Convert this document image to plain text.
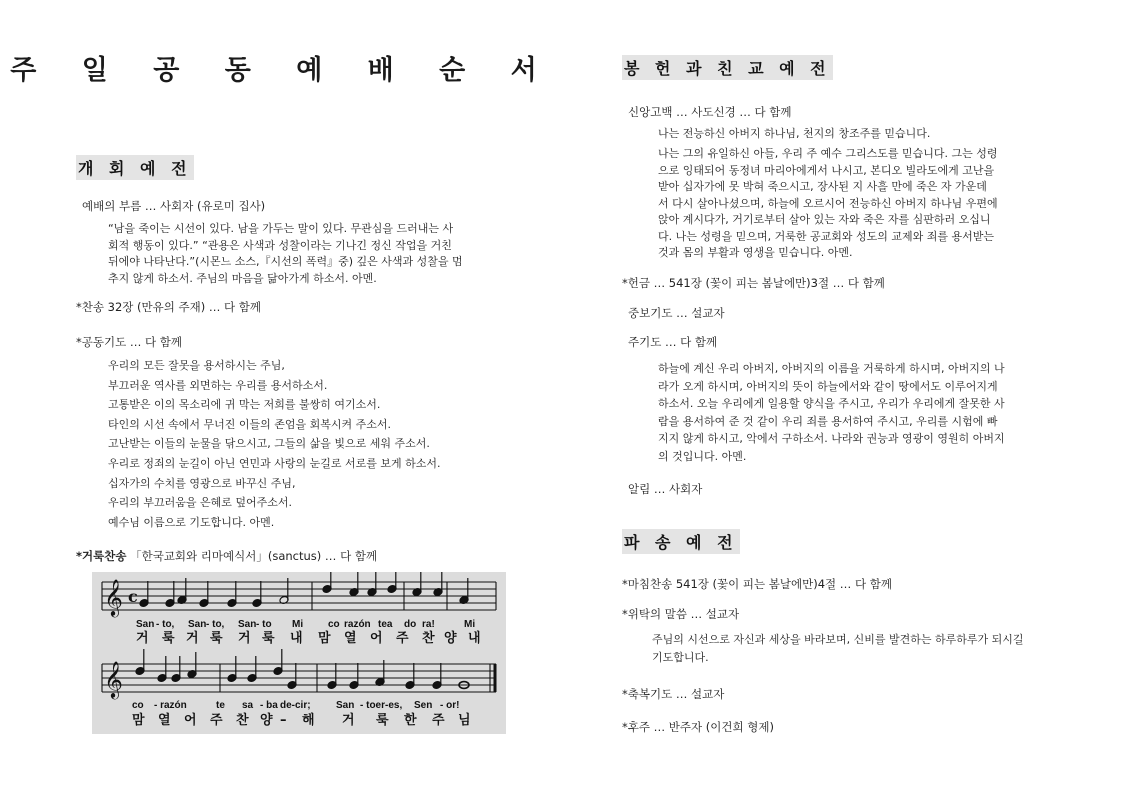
주 일 공 동 예 배 순 서
개 회 예 전
예배의 부름 … 사회자 (유로미 집사)
“남을 죽이는 시선이 있다. 남을 가두는 말이 있다. 무관심을 드러내는 사
회적 행동이 있다.” “관용은 사색과 성찰이라는 기나긴 정신 작업을 거친
뒤에야 나타난다.”(시몬느 소스,『시선의 폭력』중) 깊은 사색과 성찰을 멈
추지 않게 하소서. 주님의 마음을 닮아가게 하소서. 아멘.
*찬송 32장 (만유의 주재) … 다 함께
*공동기도 … 다 함께
우리의 모든 잘못을 용서하시는 주님,
부끄러운 역사를 외면하는 우리를 용서하소서.
고통받은 이의 목소리에 귀 막는 저희를 불쌍히 여기소서.
타인의 시선 속에서 무너진 이들의 존엄을 회복시켜 주소서.
고난받는 이들의 눈물을 닦으시고, 그들의 삶을 빛으로 세워 주소서.
우리로 정죄의 눈길이 아닌 연민과 사랑의 눈길로 서로를 보게 하소서.
십자가의 수치를 영광으로 바꾸신 주님,
우리의 부끄러움을 은혜로 덮어주소서.
예수님 이름으로 기도합니다. 아멘.
*거룩찬송 「한국교회와 리마예식서」(sanctus) … 다 함께
𝄞 c
𝄞
San - to, San - to, San - to Mi co razón tea do ra!	Mi
거 룩 거 룩 거 룩 내 맘 열 어 주 찬 양 내
co - razón	te sa - ba de-cir;	San - toer-es, Sen - or!
맘 열 어 주 찬 양 – 해 거 룩 한 주 님
봉 헌 과 친 교 예 전
신앙고백 … 사도신경 … 다 함께
나는 전능하신 아버지 하나님, 천지의 창조주를 믿습니다.
나는 그의 유일하신 아들, 우리 주 예수 그리스도를 믿습니다. 그는 성령
으로 잉태되어 동정녀 마리아에게서 나시고, 본디오 빌라도에게 고난을
받아 십자가에 못 박혀 죽으시고, 장사된 지 사흘 만에 죽은 자 가운데
서 다시 살아나셨으며, 하늘에 오르시어 전능하신 아버지 하나님 우편에
앉아 계시다가, 거기로부터 살아 있는 자와 죽은 자를 심판하러 오십니
다. 나는 성령을 믿으며, 거룩한 공교회와 성도의 교제와 죄를 용서받는
것과 몸의 부활과 영생을 믿습니다. 아멘.
*헌금 … 541장 (꽃이 피는 봄날에만)3절 … 다 함께
중보기도 … 설교자
주기도 … 다 함께
하늘에 계신 우리 아버지, 아버지의 이름을 거룩하게 하시며, 아버지의 나
라가 오게 하시며, 아버지의 뜻이 하늘에서와 같이 땅에서도 이루어지게
하소서. 오늘 우리에게 일용할 양식을 주시고, 우리가 우리에게 잘못한 사
람을 용서하여 준 것 같이 우리 죄를 용서하여 주시고, 우리를 시험에 빠
지지 않게 하시고, 악에서 구하소서. 나라와 권능과 영광이 영원히 아버지
의 것입니다. 아멘.
알림 … 사회자
파 송 예 전
*마침찬송 541장 (꽃이 피는 봄날에만)4절 … 다 함께
*위탁의 말씀 … 설교자
주님의 시선으로 자신과 세상을 바라보며, 신비를 발견하는 하루하루가 되시길
기도합니다.
*축복기도 … 설교자
*후주 … 반주자 (이건희 형제)
